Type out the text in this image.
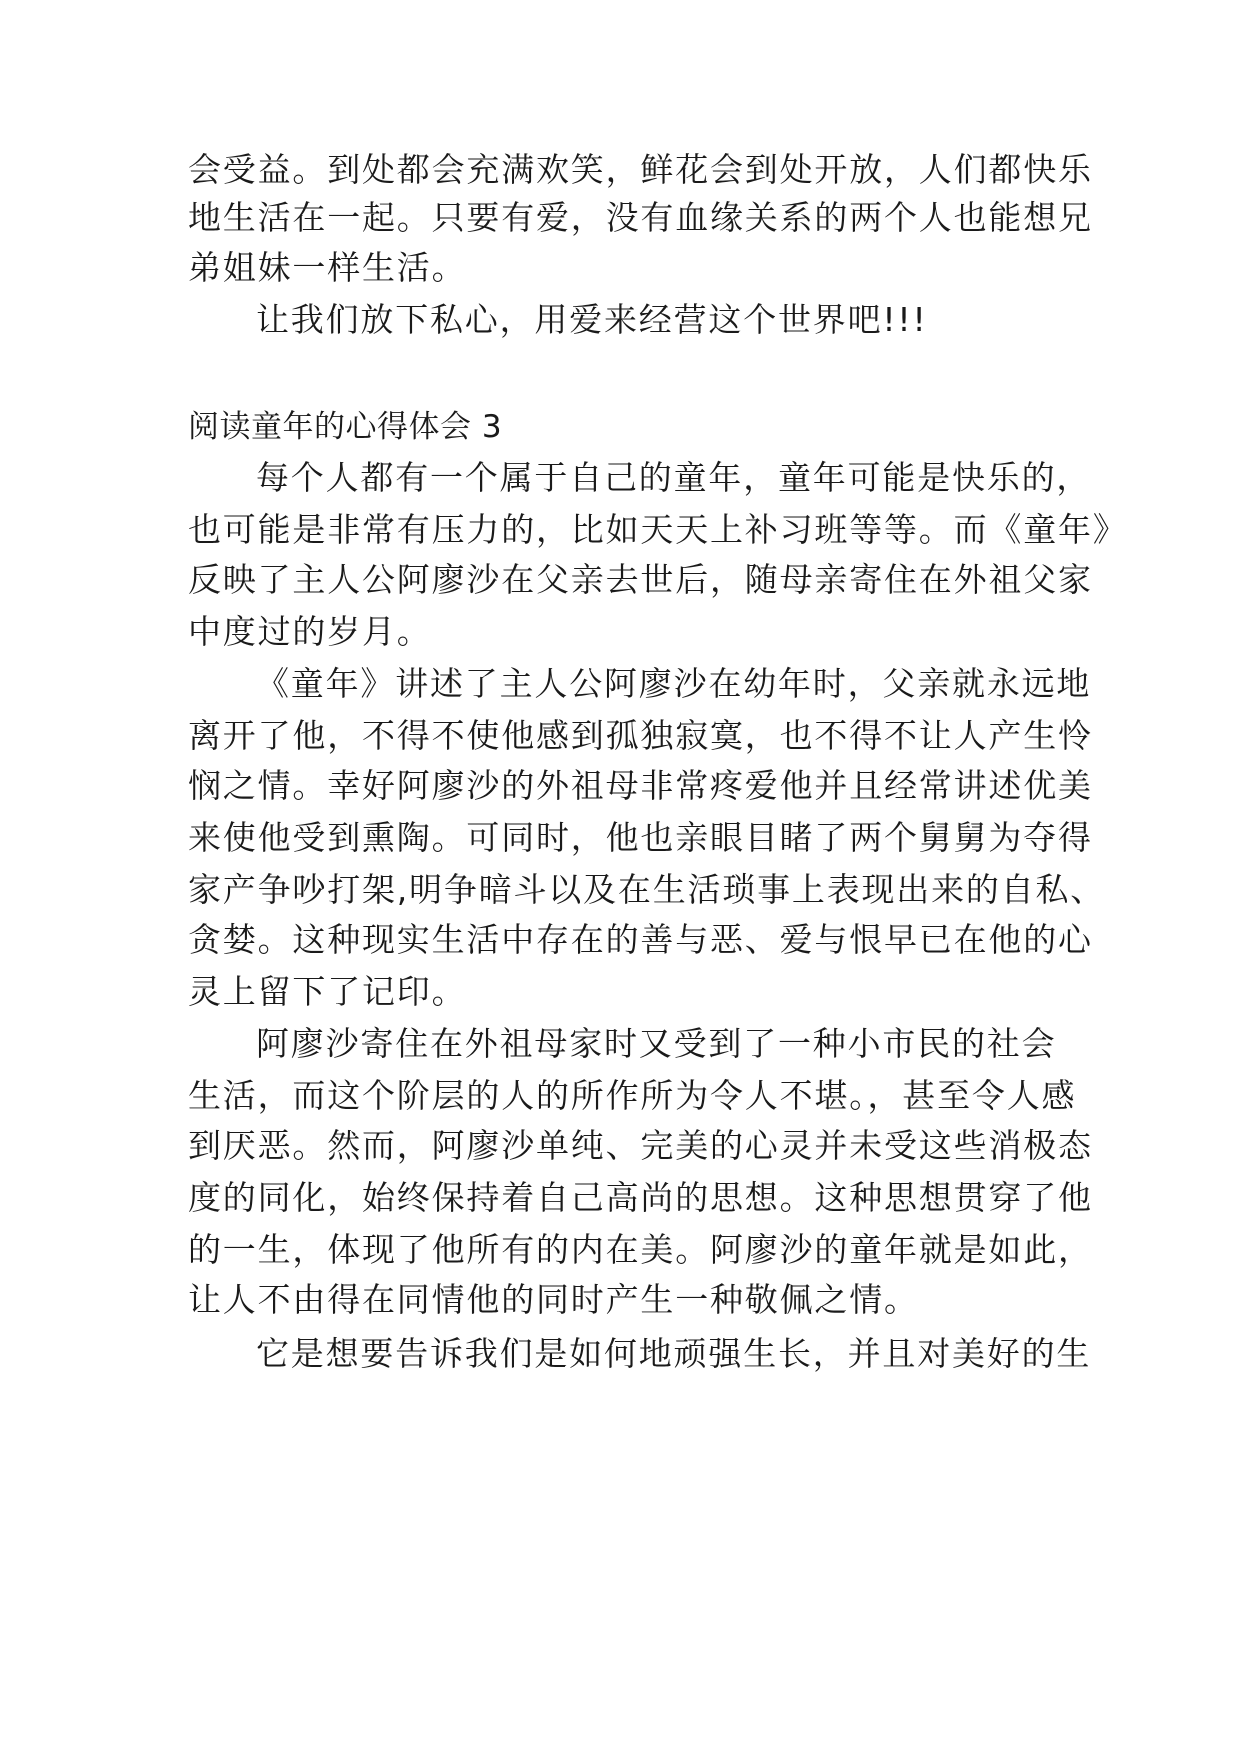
会受益。到处都会充满欢笑，鲜花会到处开放，人们都快乐
地生活在一起。只要有爱，没有血缘关系的两个人也能想兄
弟姐妹一样生活。
让我们放下私心，用爱来经营这个世界吧!!!
阅读童年的心得体会 3
每个人都有一个属于自己的童年，童年可能是快乐的，
也可能是非常有压力的，比如天天上补习班等等。而《童年》
反映了主人公阿廖沙在父亲去世后，随母亲寄住在外祖父家
中度过的岁月。
《童年》讲述了主人公阿廖沙在幼年时，父亲就永远地
离开了他，不得不使他感到孤独寂寞，也不得不让人产生怜
悯之情。幸好阿廖沙的外祖母非常疼爱他并且经常讲述优美
来使他受到熏陶。可同时，他也亲眼目睹了两个舅舅为夺得
家产争吵打架,明争暗斗以及在生活琐事上表现出来的自私、
贪婪。这种现实生活中存在的善与恶、爱与恨早已在他的心
灵上留下了记印。
阿廖沙寄住在外祖母家时又受到了一种小市民的社会
生活，而这个阶层的人的所作所为令人不堪。，甚至令人感
到厌恶。然而，阿廖沙单纯、完美的心灵并未受这些消极态
度的同化，始终保持着自己高尚的思想。这种思想贯穿了他
的一生，体现了他所有的内在美。阿廖沙的童年就是如此，
让人不由得在同情他的同时产生一种敬佩之情。
它是想要告诉我们是如何地顽强生长，并且对美好的生
